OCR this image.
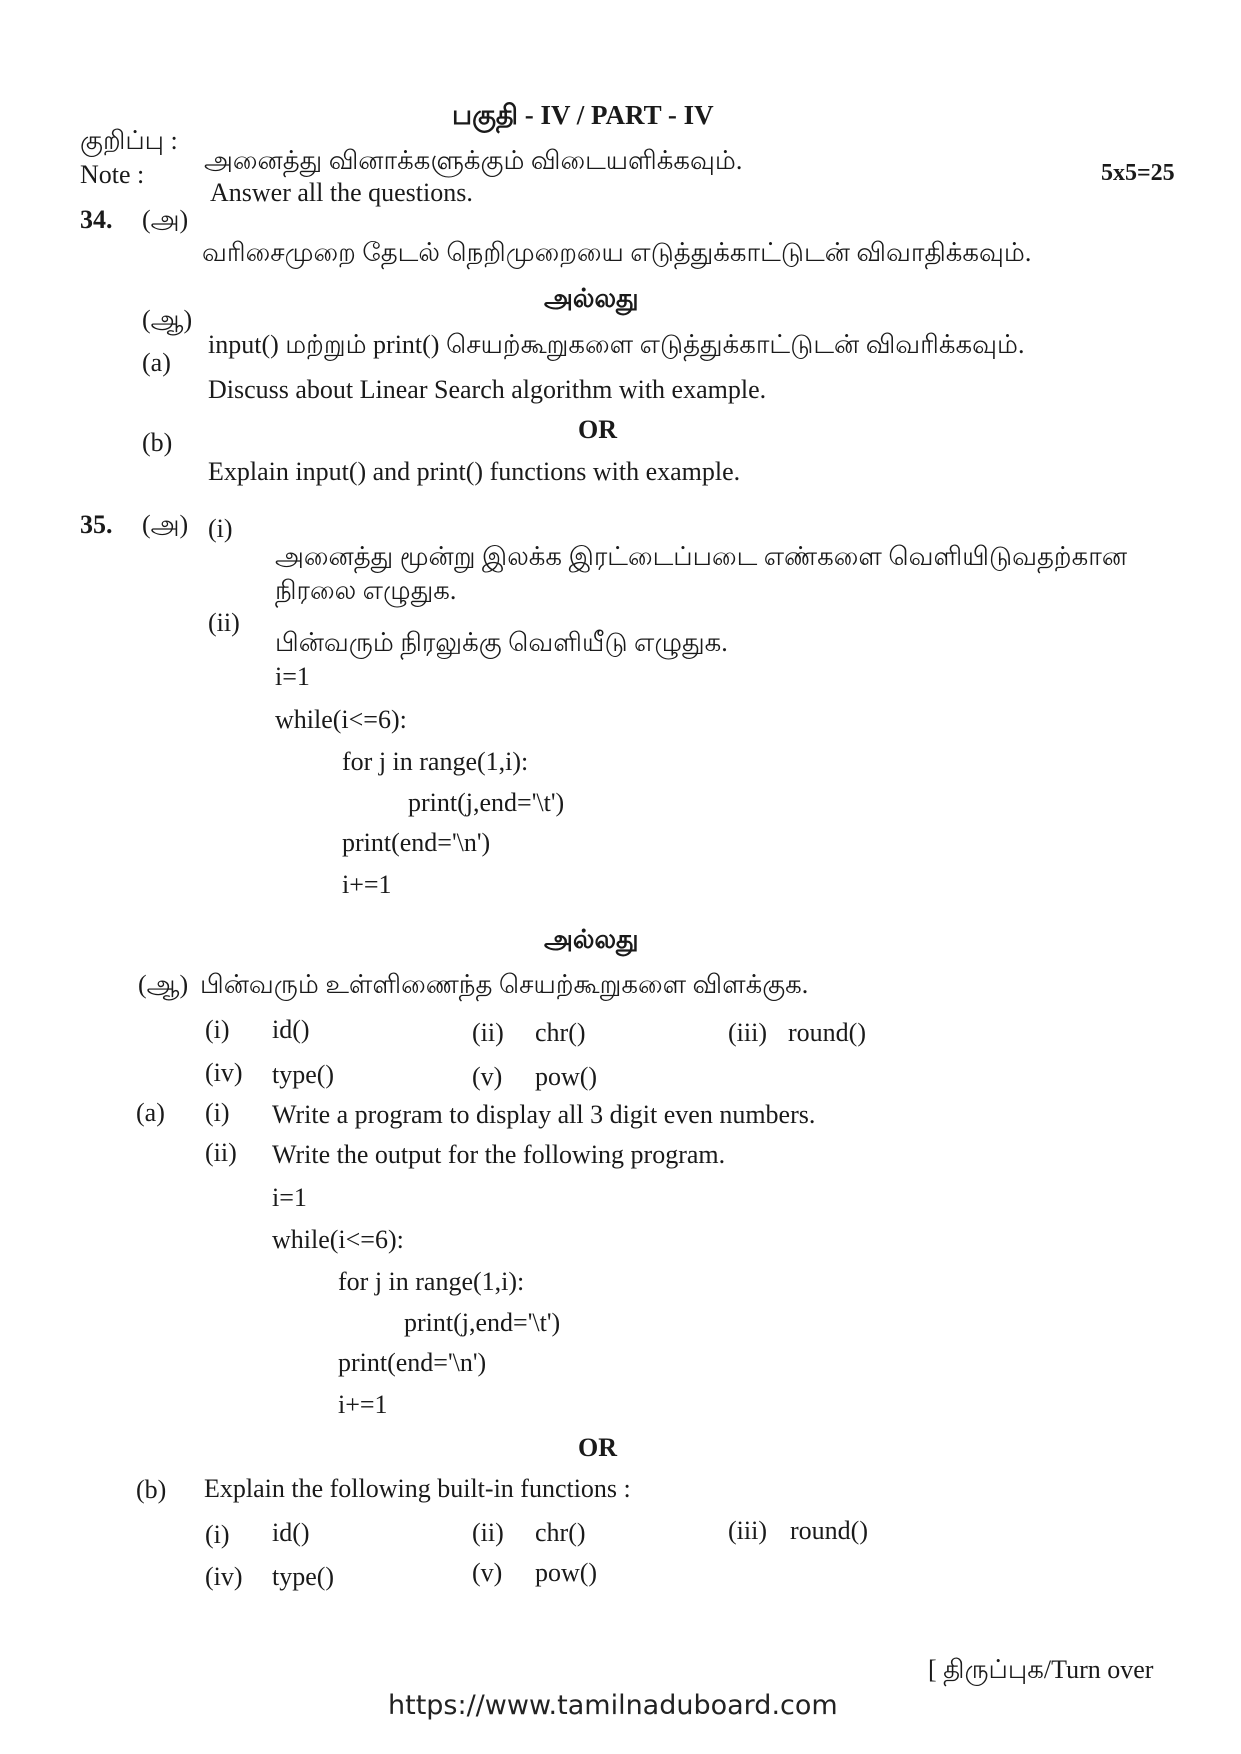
பகுதி - IV / PART - IV
குறிப்பு :
அனைத்து வினாக்களுக்கும் விடையளிக்கவும்.
Note :
Answer all the questions.
5x5=25
34. (அ)
வரிசைமுறை தேடல் நெறிமுறையை எடுத்துக்காட்டுடன் விவாதிக்கவும்.
அல்லது
(ஆ)
input() மற்றும் print() செயற்கூறுகளை எடுத்துக்காட்டுடன் விவரிக்கவும்.
(a)
Discuss about Linear Search algorithm with example.
OR
(b)
Explain input() and print() functions with example.
35. (அ) (i)
அனைத்து மூன்று இலக்க இரட்டைப்படை எண்களை வெளியிடுவதற்கான
நிரலை எழுதுக.
(ii)
பின்வரும் நிரலுக்கு வெளியீடு எழுதுக.
i=1
while(i<=6):
for j in range(1,i):
print(j,end='\t')
print(end='\n')
i+=1
அல்லது
(ஆ) பின்வரும் உள்ளிணைந்த செயற்கூறுகளை விளக்குக.
(i) id()	(ii) chr()	(iii) round()
(iv) type()	(v) pow()
(a) (i) Write a program to display all 3 digit even numbers.
(ii) Write the output for the following program.
i=1
while(i<=6):
for j in range(1,i):
print(j,end='\t')
print(end='\n')
i+=1
OR
(b) Explain the following built-in functions :
(i) id()	(ii) chr()	(iii) round()
(iv) type()	(v) pow()
[ திருப்புக/Turn over
https://www.tamilnaduboard.com
